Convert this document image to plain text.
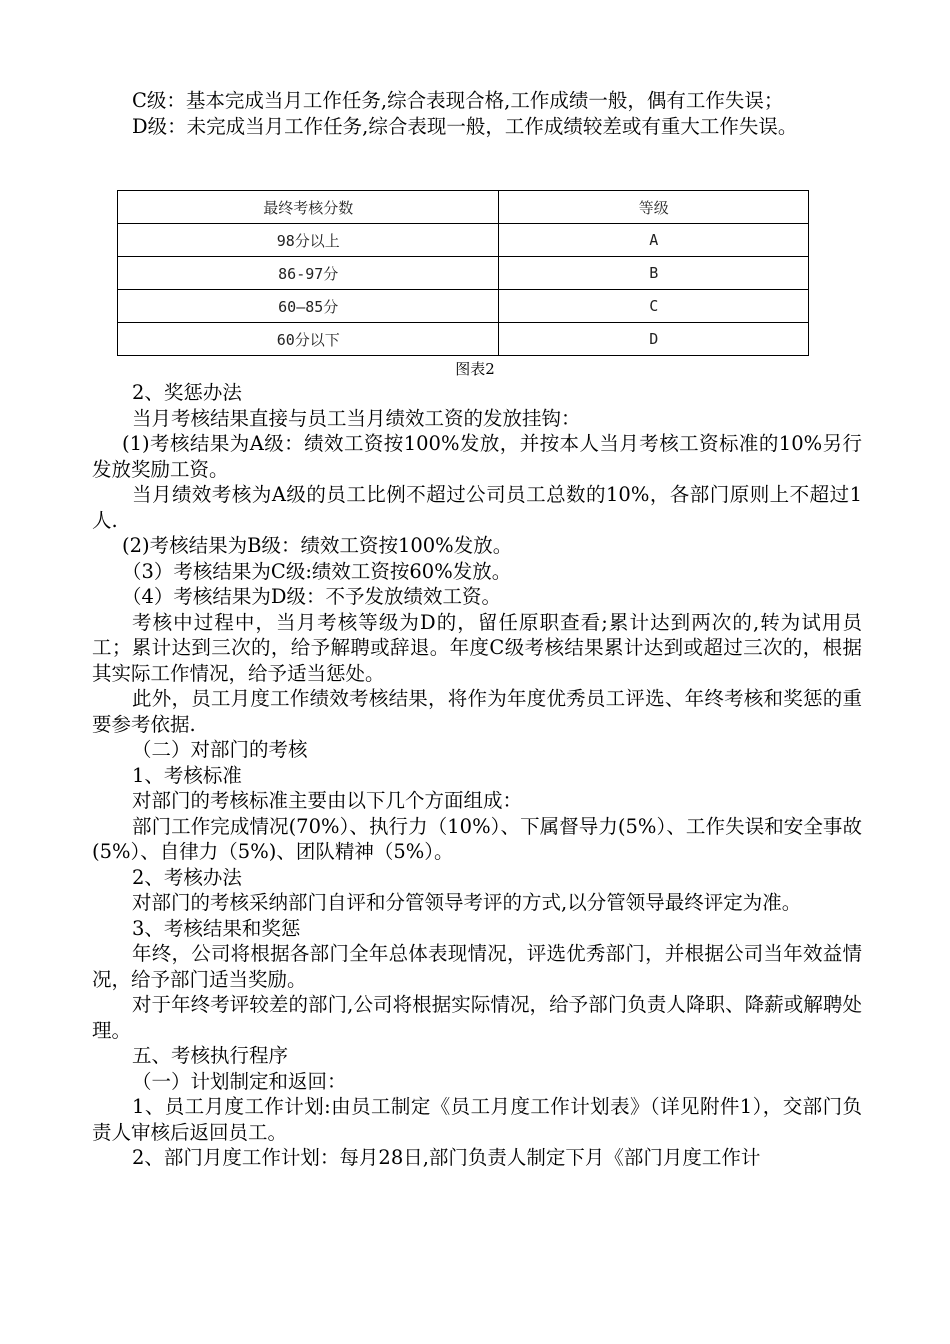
C级：基本完成当月工作任务,综合表现合格,工作成绩一般，偶有工作失误；

D级：未完成当月工作任务,综合表现一般，工作成绩较差或有重大工作失误。

最终考核分数	等级
98分以上	A
86-97分	B
60—85分	C
60分以下	D
图表2

2、奖惩办法

当月考核结果直接与员工当月绩效工资的发放挂钩：

(1)考核结果为A级：绩效工资按100%发放，并按本人当月考核工资标准的10%另行发放奖励工资。

当月绩效考核为A级的员工比例不超过公司员工总数的10%，各部门原则上不超过1人.

(2)考核结果为B级：绩效工资按100%发放。

（3）考核结果为C级:绩效工资按60%发放。

（4）考核结果为D级：不予发放绩效工资。

考核中过程中，当月考核等级为D的，留任原职查看;累计达到两次的,转为试用员工；累计达到三次的，给予解聘或辞退。年度C级考核结果累计达到或超过三次的，根据其实际工作情况，给予适当惩处。

此外，员工月度工作绩效考核结果，将作为年度优秀员工评选、年终考核和奖惩的重要参考依据.

（二）对部门的考核

1、考核标准

对部门的考核标准主要由以下几个方面组成：

部门工作完成情况(70%）、执行力（10%）、下属督导力(5%）、工作失误和安全事故(5%）、自律力（5%)、团队精神（5%）。

2、考核办法

对部门的考核采纳部门自评和分管领导考评的方式,以分管领导最终评定为准。

3、考核结果和奖惩

年终，公司将根据各部门全年总体表现情况，评选优秀部门，并根据公司当年效益情况，给予部门适当奖励。

对于年终考评较差的部门,公司将根据实际情况，给予部门负责人降职、降薪或解聘处理。

五、考核执行程序

（一）计划制定和返回：

1、员工月度工作计划:由员工制定《员工月度工作计划表》（详见附件1），交部门负责人审核后返回员工。

2、部门月度工作计划：每月28日,部门负责人制定下月《部门月度工作计
